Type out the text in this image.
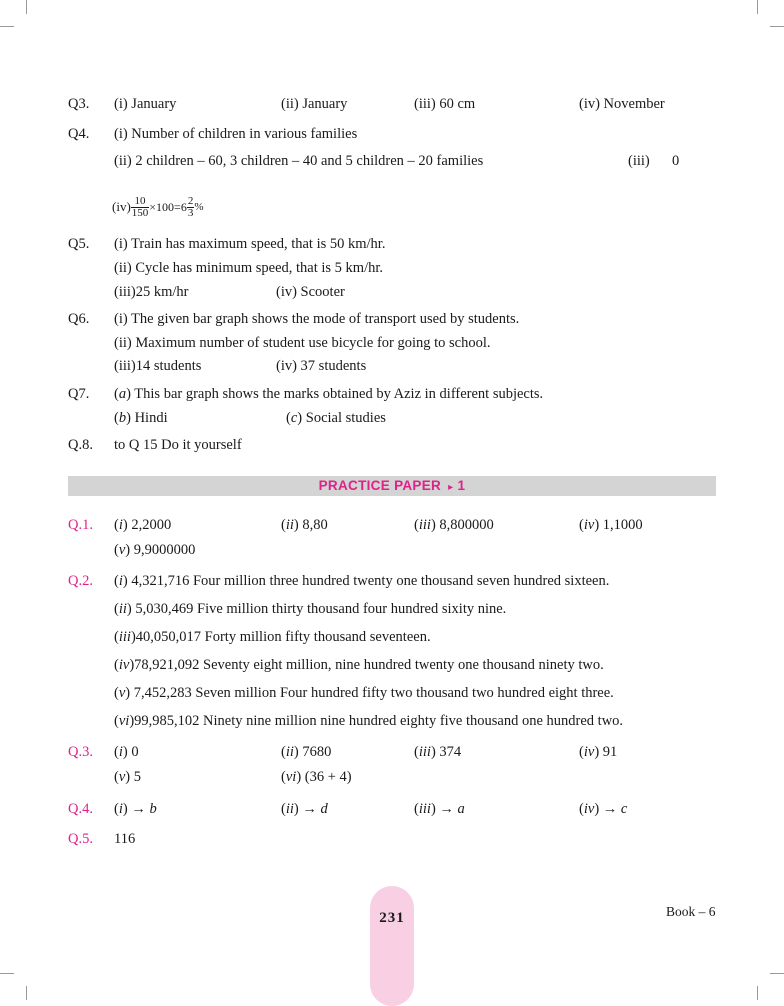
Q3. (i) January	(ii) January	(iii) 60 cm	(iv) November
Q4. (i) Number of children in various families
(ii) 2 children – 60, 3 children – 40 and 5 children – 20 families	(iii) 0
$(iv) \frac{10}{150} \times 100=6 \frac{2}{3}$ %
Q5. (i) Train has maximum speed, that is 50 km/hr.
(ii) Cycle has minimum speed, that is 5 km/hr.
(iii)25 km/hr	(iv) Scooter
Q6. (i) The given bar graph shows the mode of transport used by students.
(ii) Maximum number of student use bicycle for going to school.
(iii)14 students	(iv) 37 students
Q7. (a) This bar graph shows the marks obtained by Aziz in different subjects.
(b) Hindi	(c) Social studies
Q.8. to Q 15 Do it yourself
PRACTICE PAPER ▸ 1
Q.1. (i) 2,2000	(ii) 8,80	(iii) 8,800000	(iv) 1,1000
(v) 9,9000000
Q.2. (i) 4,321,716 Four million three hundred twenty one thousand seven hundred sixteen.
(ii) 5,030,469 Five million thirty thousand four hundred sixity nine.
(iii)40,050,017 Forty million fifty thousand seventeen.
(iv)78,921,092 Seventy eight million, nine hundred twenty one thousand ninety two.
(v) 7,452,283 Seven million Four hundred fifty two thousand two hundred eight three.
(vi)99,985,102 Ninety nine million nine hundred eighty five thousand one hundred two.
Q.3. (i) 0	(ii) 7680	(iii) 374	(iv) 91
(v) 5	(vi) (36 + 4)
Q.4. (i) → b	(ii) → d	(iii) → a	(iv) → c
Q.5. 116
231	Book – 6
